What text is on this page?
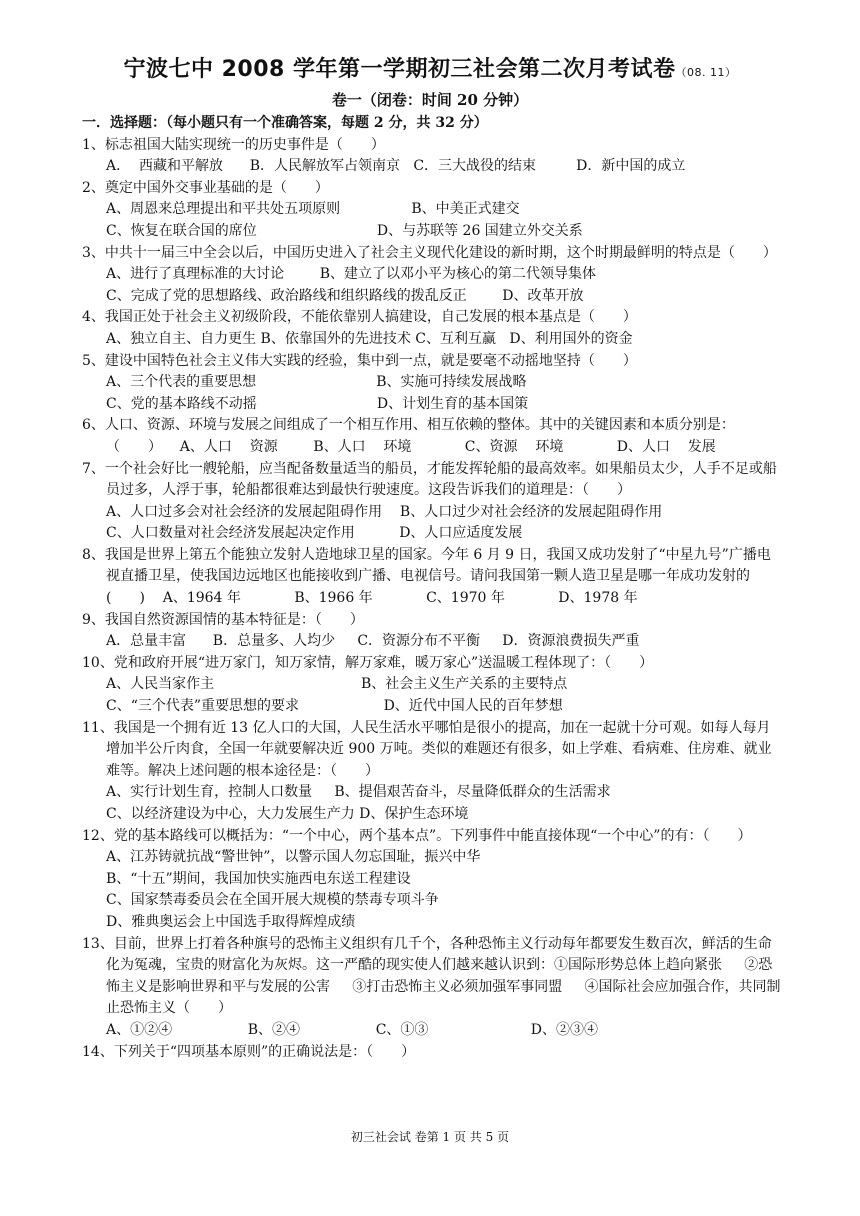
宁波七中 2008 学年第一学期初三社会第二次月考试卷（08. 11）
卷一（闭卷：时间 20 分钟）
一．选择题：（每小题只有一个准确答案，每题 2 分，共 32 分）
1、标志祖国大陆实现统一的历史事件是（　　）
A．  西藏和平解放      B．人民解放军占领南京   C．三大战役的结束         D．新中国的成立
2、奠定中国外交事业基础的是（　　）
A、周恩来总理提出和平共处五项原则                B、中美正式建交
C、恢复在联合国的席位                           D、与苏联等 26 国建立外交关系
3、中共十一届三中全会以后，中国历史进入了社会主义现代化建设的新时期，这个时期最鲜明的特点是（　　）
A、进行了真理标准的大讨论        B、建立了以邓小平为核心的第二代领导集体
C、完成了党的思想路线、政治路线和组织路线的拨乱反正        D、改革开放
4、我国正处于社会主义初级阶段，不能依靠别人搞建设，自己发展的根本基点是（　　）
A、独立自主、自力更生 B、依靠国外的先进技术 C、互利互赢   D、利用国外的资金
5、建设中国特色社会主义伟大实践的经验，集中到一点，就是要毫不动摇地坚持（　　）
A、三个代表的重要思想                           B、实施可持续发展战略
C、党的基本路线不动摇                           D、计划生育的基本国策
6、人口、资源、环境与发展之间组成了一个相互作用、相互依赖的整体。其中的关键因素和本质分别是：（　　）    A、人口    资源        B、人口    环境            C、资源    环境            D、人口    发展
7、一个社会好比一艘轮船，应当配备数量适当的船员，才能发挥轮船的最高效率。如果船员太少，人手不足或船员过多，人浮于事，轮船都很难达到最快行驶速度。这段告诉我们的道理是：（　　）
A、人口过多会对社会经济的发展起阻碍作用    B、人口过少对社会经济的发展起阻碍作用
C、人口数量对社会经济发展起决定作用          D、人口应适度发展
8、我国是世界上第五个能独立发射人造地球卫星的国家。今年 6 月 9 日，我国又成功发射了“中星九号”广播电视直播卫星，使我国边远地区也能接收到广播、电视信号。请问我国第一颗人造卫星是哪一年成功发射的(　　)    A、1964 年            B、1966 年            C、1970 年            D、1978 年
9、我国自然资源国情的基本特征是：（　　）
A．总量丰富      B．总量多、人均少     C．资源分布不平衡     D．资源浪费损失严重
10、党和政府开展“进万家门，知万家情，解万家难，暖万家心”送温暖工程体现了：（　　）
A、人民当家作主                                 B、社会主义生产关系的主要特点
C、“三个代表”重要思想的要求                   D、近代中国人民的百年梦想
11、我国是一个拥有近 13 亿人口的大国，人民生活水平哪怕是很小的提高，加在一起就十分可观。如每人每月增加半公斤肉食，全国一年就要解决近 900 万吨。类似的难题还有很多，如上学难、看病难、住房难、就业难等。解决上述问题的根本途径是：（　　）
A、实行计划生育，控制人口数量     B、提倡艰苦奋斗，尽量降低群众的生活需求
C、以经济建设为中心，大力发展生产力 D、保护生态环境
12、党的基本路线可以概括为：“一个中心，两个基本点”。下列事件中能直接体现“一个中心”的有：（　　）
A、江苏铸就抗战“警世钟”，以警示国人勿忘国耻，振兴中华
B、“十五”期间，我国加快实施西电东送工程建设
C、国家禁毒委员会在全国开展大规模的禁毒专项斗争
D、雅典奥运会上中国选手取得辉煌成绩
13、目前，世界上打着各种旗号的恐怖主义组织有几千个，各种恐怖主义行动每年都要发生数百次，鲜活的生命化为冤魂，宝贵的财富化为灰烬。这一严酷的现实使人们越来越认识到：①国际形势总体上趋向紧张     ②恐怖主义是影响世界和平与发展的公害     ③打击恐怖主义必须加强军事同盟     ④国际社会应加强合作，共同制止恐怖主义（　　）
A、①②④                 B、②④                 C、①③                       D、②③④
14、下列关于“四项基本原则”的正确说法是：（　　）
初三社会试 卷第 1 页 共 5 页
